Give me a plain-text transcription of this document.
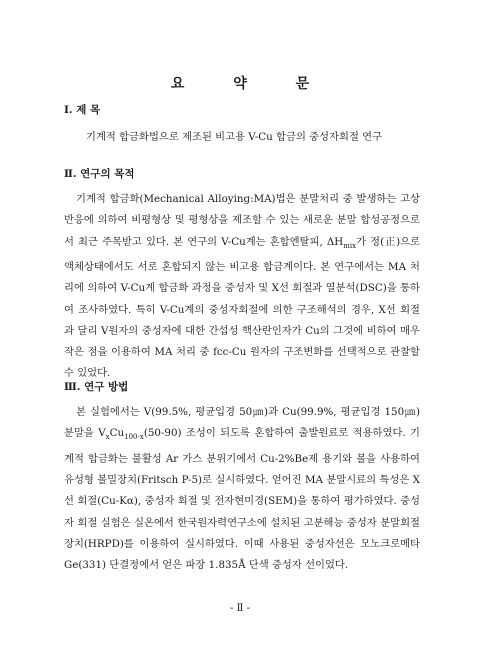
요 약 문
Ⅰ. 제 목

기계적 합금화법으로 제조된 비고용 V-Cu 합금의 중성자회절 연구

Ⅱ. 연구의 목적

기계적 합금화(Mechanical Alloying:MA)법은 분말처리 중 발생하는 고상반응에 의하여 비평형상 및 평형상을 제조할 수 있는 새로운 분말 합성공정으로서 최근 주목받고 있다. 본 연구의 V-Cu계는 혼합엔탈피, $\Delta H_{mix}$가 정(正)으로 액체상태에서도 서로 혼합되지 않는 비고용 합금계이다. 본 연구에서는 MA 처리에 의하여 V-Cu계 합금화 과정을 중성자 및 X선 회절과 열분석(DSC)을 통하여 조사하였다. 특히 V-Cu계의 중성자회절에 의한 구조해석의 경우, X선 회절과 달리 V원자의 중성자에 대한 간섭성 핵산란인자가 Cu의 그것에 비하여 매우 작은 점을 이용하여 MA 처리 중 fcc-Cu 원자의 구조변화를 선택적으로 관찰할 수 있었다.

Ⅲ. 연구 방법

본 실험에서는 V(99.5%, 평균입경 50㎛)과 Cu(99.9%, 평균입경 150㎛)분말을 $V_xCu_{100-x}(50-90)$ 조성이 되도록 혼합하여 출발원료로 적용하였다. 기계적 합금화는 불활성 Ar 가스 분위기에서 Cu-2%Be제 용기와 볼을 사용하여 유성형 볼밀장치(Fritsch P-5)로 실시하였다. 얻어진 MA 분말시료의 특성은 X선 회절(Cu-Kα), 중성자 회절 및 전자현미경(SEM)을 통하여 평가하였다. 중성자 회절 실험은 실온에서 한국원자력연구소에 설치된 고분해능 중성자 분말회절장치(HRPD)를 이용하여 실시하였다. 이때 사용된 중성자선은 모노크로메타 Ge(331) 단결정에서 얻은 파장 1.835Å 단색 중성자 선이었다.

- Ⅱ -
